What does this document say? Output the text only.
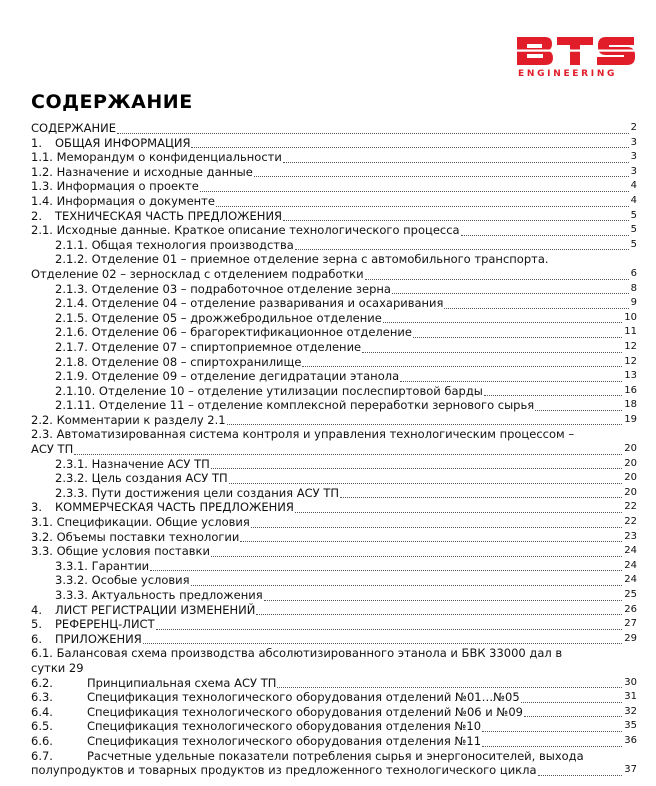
ENGINEERING
СОДЕРЖАНИЕ
СОДЕРЖАНИЕ	2
1. ОБЩАЯ ИНФОРМАЦИЯ	3
1.1. Меморандум о конфиденциальности	3
1.2. Назначение и исходные данные	3
1.3. Информация о проекте	4
1.4. Информация о документе	4
2. ТЕХНИЧЕСКАЯ ЧАСТЬ ПРЕДЛОЖЕНИЯ	5
2.1. Исходные данные. Краткое описание технологического процесса	5
2.1.1. Общая технология производства	5
2.1.2. Отделение 01 – приемное отделение зерна с автомобильного транспорта.
Отделение 02 – зерносклад с отделением подработки	6
2.1.3. Отделение 03 – подработочное отделение зерна	8
2.1.4. Отделение 04 – отделение разваривания и осахаривания	9
2.1.5. Отделение 05 – дрожжебродильное отделение	10
2.1.6. Отделение 06 – брагоректификационное отделение	11
2.1.7. Отделение 07 – спиртоприемное отделение	12
2.1.8. Отделение 08 – спиртохранилище	12
2.1.9. Отделение 09 – отделение дегидратации этанола	13
2.1.10. Отделение 10 – отделение утилизации послеспиртовой барды	16
2.1.11. Отделение 11 – отделение комплексной переработки зернового сырья	18
2.2. Комментарии к разделу 2.1	19
2.3. Автоматизированная система контроля и управления технологическим процессом –
АСУ ТП	20
2.3.1. Назначение АСУ ТП	20
2.3.2. Цель создания АСУ ТП	20
2.3.3. Пути достижения цели создания АСУ ТП	20
3. КОММЕРЧЕСКАЯ ЧАСТЬ ПРЕДЛОЖЕНИЯ	22
3.1. Спецификации. Общие условия	22
3.2. Объемы поставки технологии	23
3.3. Общие условия поставки	24
3.3.1. Гарантии	24
3.3.2. Особые условия	24
3.3.3. Актуальность предложения	25
4. ЛИСТ РЕГИСТРАЦИИ ИЗМЕНЕНИЙ	26
5. РЕФЕРЕНЦ-ЛИСТ	27
6. ПРИЛОЖЕНИЯ	29
6.1. Балансовая схема производства абсолютизированного этанола и БВК 33000 дал в
сутки 29
6.2.	Принципиальная схема АСУ ТП	30
6.3.	Спецификация технологического оборудования отделений №01…№05	31
6.4.	Спецификация технологического оборудования отделений №06 и №09	32
6.5.	Спецификация технологического оборудования отделения №10	35
6.6.	Спецификация технологического оборудования отделения №11	36
6.7.	Расчетные удельные показатели потребления сырья и энергоносителей, выхода
полупродуктов и товарных продуктов из предложенного технологического цикла	37
